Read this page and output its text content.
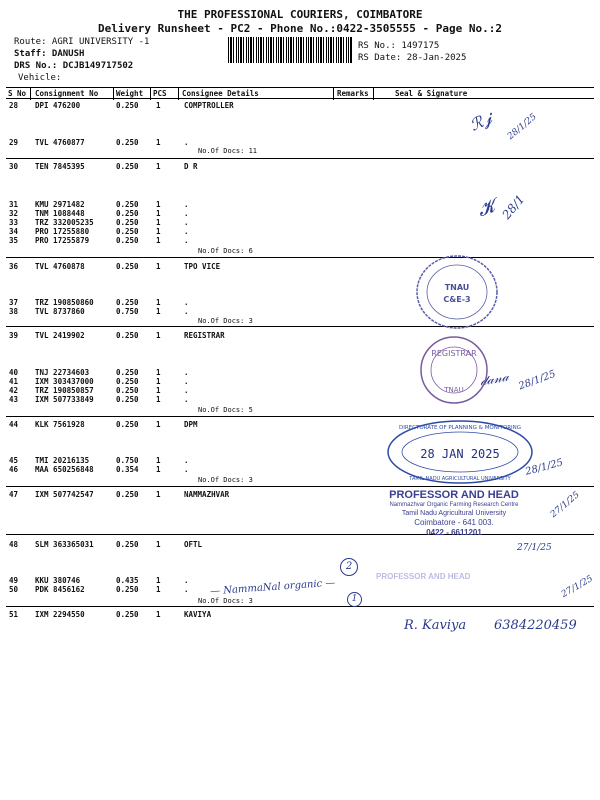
THE PROFESSIONAL COURIERS, COIMBATORE
Delivery Runsheet - PC2 - Phone No.:0422-3505555 - Page No.:2
Route: AGRI UNIVERSITY -1
Staff: DANUSH
DRS No.: DCJB149717502
Vehicle:
RS No.: 1497175
RS Date: 28-Jan-2025
S No Consignment No Weight PCS Consignee Details	Remarks	Seal & Signature
28 DPI 476200	0.250 1	COMPTROLLER
29 TVL 4760877	0.250 1	.
30 TEN 7845395	0.250 1	D R
31 KMU 2971482	0.250 1	.
32 TNM 1088448	0.250 1	.
33 TRZ 332005235	0.250 1	.
34 PRO 17255880	0.250 1	.
35 PRO 17255879	0.250 1	.
36 TVL 4760878	0.250 1	TPO VICE
37 TRZ 190850860	0.250 1	.
38 TVL 8737860	0.750 1	.
39 TVL 2419902	0.250 1	REGISTRAR
40 TNJ 22734603	0.250 1	.
41 IXM 303437000	0.250 1	.
42 TRZ 190850857	0.250 1	.
43 IXM 507733849	0.250 1	.
44 KLK 7561928	0.250 1	DPM
45 TMI 20216135	0.750 1	.
46 MAA 650256848	0.354 1	.
47 IXM 507742547	0.250 1	NAMMAZHVAR
48 SLM 363365031	0.250 1	OFTL
49 KKU 380746	0.435 1	.
50 PDK 8456162	0.250 1	.
51 IXM 2294550	0.250 1	KAVIYA
No.Of Docs: 11
No.Of Docs: 6
No.Of Docs: 3
No.Of Docs: 5
No.Of Docs: 3
No.Of Docs: 3
ℛ𝓳 28/1/25
𝓚 28/1
𝒹𝒶𝓃𝒶 28/1/25
28/1/25
27/1/25
27/1/25
— NammaNal organic —
2
1	27/1/25
R. Kaviya 6384220459
TNAU
C&E-3
REGISTRAR
TNAU
DIRECTORATE OF PLANNING & MONITORING
28 JAN 2025
TAMIL NADU AGRICULTURAL UNIVERSITY
PROFESSOR AND HEAD
Nammazhvar Organic Farming Research Centre
Tamil Nadu Agricultural University
Coimbatore - 641 003.
0422 - 6611201
PROFESSOR AND HEAD
